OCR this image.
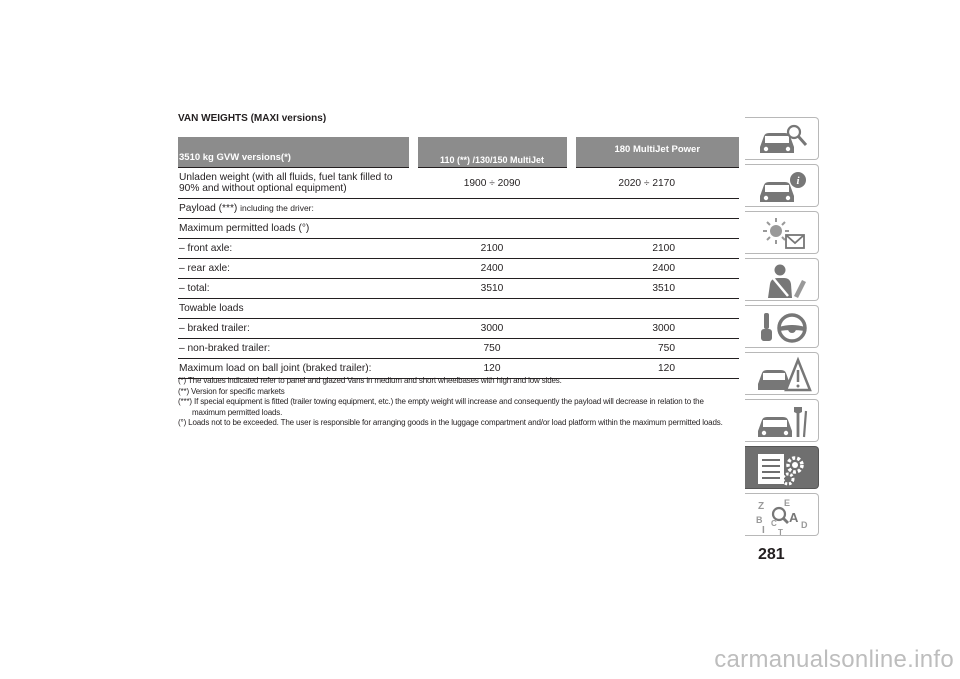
VAN WEIGHTS (MAXI versions)
3510 kg GVW versions(*)	110 (**) /130/150 MultiJet	180 MultiJet Power
Unladen weight (with all fluids, fuel tank filled to 90% and without optional equipment)	1900 ÷ 2090	2020 ÷ 2170
Payload (***) including the driver:		
Maximum permitted loads (°)		
– front axle:	2100	2100
– rear axle:	2400	2400
– total:	3510	3510
Towable loads		
– braked trailer:	3000	3000
– non-braked trailer:	750	750
Maximum load on ball joint (braked trailer):	120	120

(*) The values indicated refer to panel and glazed Vans in medium and short wheelbases with high and low sides.

(**) Version for specific markets

(***) If special equipment is fitted (trailer towing equipment, etc.) the empty weight will increase and consequently the payload will decrease in relation to the

maximum permitted loads.

(°) Loads not to be exceeded. The user is responsible for arranging goods in the luggage compartment and/or load platform within the maximum permitted loads.

i
Z E
B A
C
I T
D
281
carmanualsonline.info
